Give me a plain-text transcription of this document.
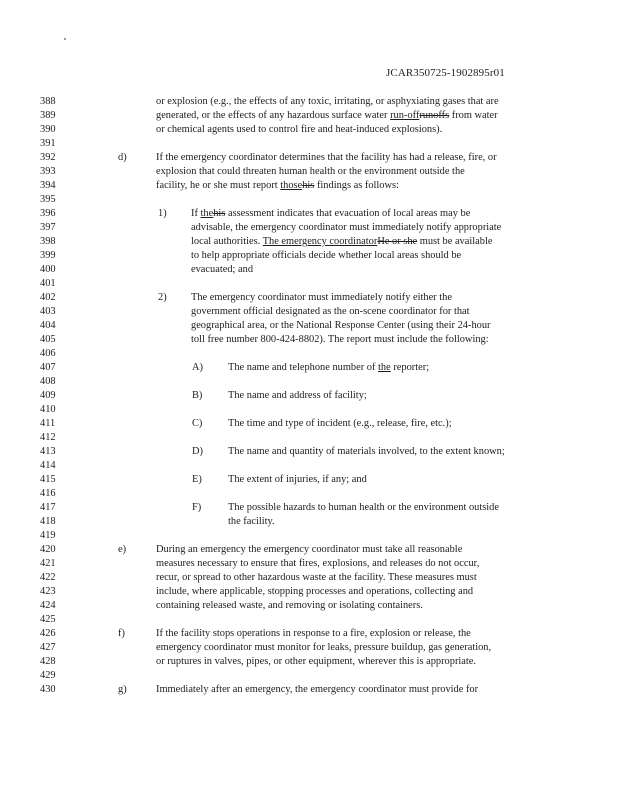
JCAR350725-1902895r01
388
389
390
391
392
393
394
395
396
397
398
399
400
401
402
403
404
405
406
407
408
409
410
411
412
413
414
415
416
417
418
419
420
421
422
423
424
425
426
427
428
429
430
or explosion (e.g., the effects of any toxic, irritating, or asphyxiating gases that are
generated, or the effects of any hazardous surface water run-offrunoffs from water
or chemical agents used to control fire and heat-induced explosions).
d)	If the emergency coordinator determines that the facility has had a release, fire, or
explosion that could threaten human health or the environment outside the
facility, he or she must report thosehis findings as follows:
1) If thehis assessment indicates that evacuation of local areas may be
advisable, the emergency coordinator must immediately notify appropriate
local authorities. The emergency coordinatorHe or she must be available
to help appropriate officials decide whether local areas should be
evacuated; and
2) The emergency coordinator must immediately notify either the
government official designated as the on-scene coordinator for that
geographical area, or the National Response Center (using their 24-hour
toll free number 800-424-8802). The report must include the following:
A) The name and telephone number of the reporter;
B) The name and address of facility;
C) The time and type of incident (e.g., release, fire, etc.);
D) The name and quantity of materials involved, to the extent known;
E)	The extent of injuries, if any; and
F)	The possible hazards to human health or the environment outside
the facility.
e)	During an emergency the emergency coordinator must take all reasonable
measures necessary to ensure that fires, explosions, and releases do not occur,
recur, or spread to other hazardous waste at the facility. These measures must
include, where applicable, stopping processes and operations, collecting and
containing released waste, and removing or isolating containers.
f)	If the facility stops operations in response to a fire, explosion or release, the
emergency coordinator must monitor for leaks, pressure buildup, gas generation,
or ruptures in valves, pipes, or other equipment, wherever this is appropriate.
g)	Immediately after an emergency, the emergency coordinator must provide for
